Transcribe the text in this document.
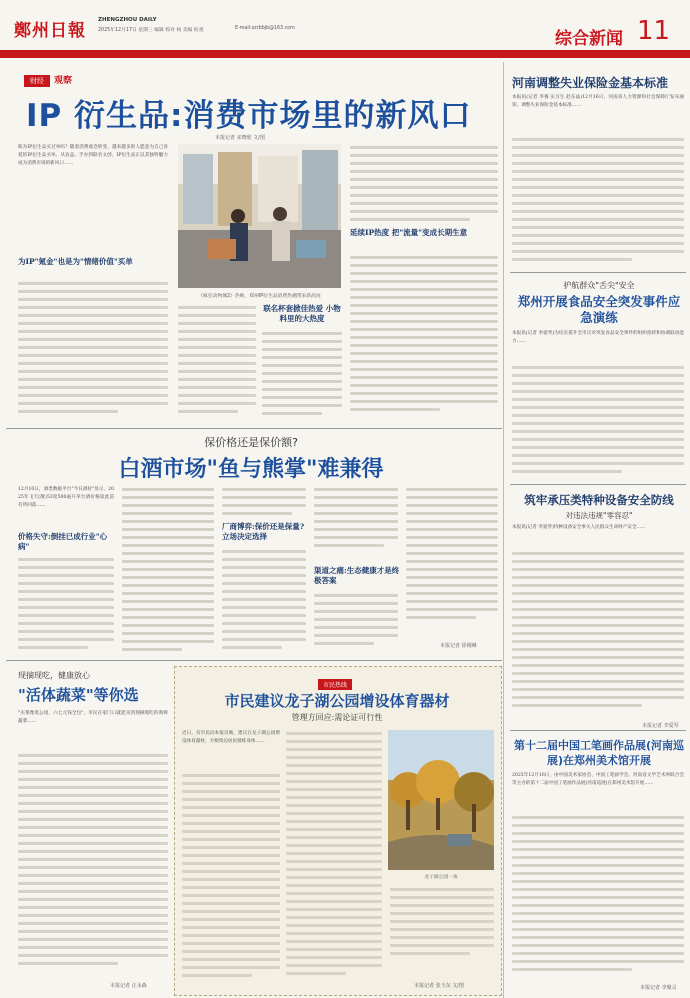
鄭州日報
ZHENGZHOU DAILY
2025年12月17日 星期三 编辑 校对 杨 美编 检查	E-mail:zzrbbjb@163.com
综合新闻 11
财经 观察
IP 衍生品:消费市场里的新风口
本报记者 宋晓欣 文/图
陈为IP衍生品买过单吗？随着消费观念转变，越来越多的人愿意为自己喜爱的IP衍生品买单。从盲盒、手办到联名文创，IP衍生品正以其独特魅力成为消费市场的新风口……
为IP"氪金"也是为"情绪价值"买单
《疯狂动物城2》热映，郑州IP衍生品消费热潮带来新高度
联名杯套掀佳热爱 小物料里的大热度
延续IP热度 把"流量"变成长期生意
保价格还是保价额?
白酒市场"鱼与熊掌"难兼得
12月10日，酒类数据平台"今日酒价"显示，2025年飞天(散)53度500毫升茅台酒价格较此前有所回落……
价格失守:倒挂已成行业"心病"
厂商博弈:保价还是保量?立场决定选择
渠道之痛:生态健康才是终极答案
本报记者 徐刚琳
现摘现吃，健康放心
"活体蔬菜"等你选
"买菜像逛公园，六七元钱全包"。市民在家门口就能买到现摘现吃的新鲜蔬菜……
本报记者 汪永森
市民热线
市民建议龙子湖公园增设体育器材
管理方回应:需论证可行性
近日，有市民向本报反映，建议在龙子湖公园增设体育器材，方便周边居民锻炼身体……
龙子湖公园一角
本报记者 张玉东 文/图
河南调整失业保险金基本标准
本报讯(记者 李赛 实习生 赵东晶)12月16日，河南省人力资源和社会保障厅发布通知，调整失业保险金基本标准……
护航群众"舌尖"安全
郑州开展食品安全突发事件应急演练
本报讯(记者 李爱琴)为切实提升全市应对突发食品安全事件的组织指挥和协调联动能力……
筑牢承压类特种设备安全防线
对违法违规"零容忍"
本报讯(记者 李爱琴)特种设备安全事关人民群众生命财产安全……
本报记者 李爱琴
第十二届中国工笔画作品展(河南巡展)在郑州美术馆开展
2025年12月16日，由中国美术家协会、中国工笔画学会、河南省文学艺术界联合会等主办的第十二届中国工笔画作品展(河南巡展)在郑州美术馆开展……
本报记者 李聚灵
